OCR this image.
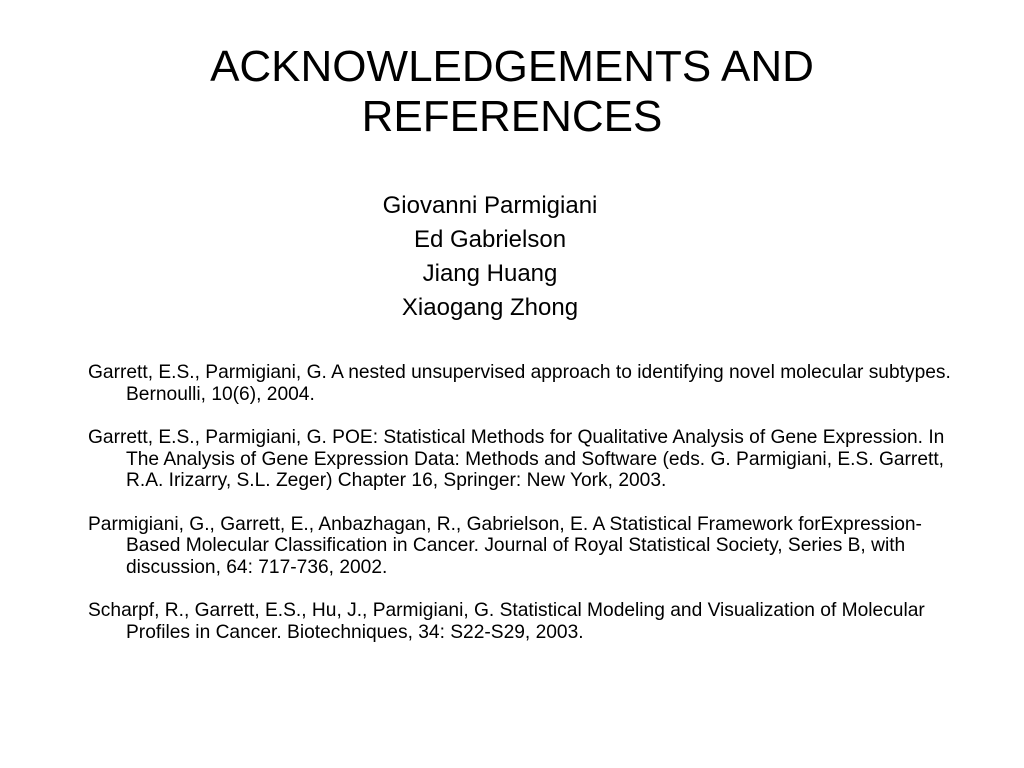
ACKNOWLEDGEMENTS AND REFERENCES
Giovanni Parmigiani
Ed Gabrielson
Jiang Huang
Xiaogang Zhong
Garrett, E.S., Parmigiani, G. A nested unsupervised approach to identifying novel molecular subtypes. Bernoulli, 10(6), 2004.
Garrett, E.S., Parmigiani, G. POE: Statistical Methods for Qualitative Analysis of Gene Expression. In The Analysis of Gene Expression Data: Methods and Software (eds. G. Parmigiani, E.S. Garrett, R.A. Irizarry, S.L. Zeger) Chapter 16, Springer: New York, 2003.
Parmigiani, G., Garrett, E., Anbazhagan, R., Gabrielson, E. A Statistical Framework forExpression-Based Molecular Classification in Cancer. Journal of Royal Statistical Society, Series B, with discussion, 64: 717-736, 2002.
Scharpf, R., Garrett, E.S., Hu, J., Parmigiani, G. Statistical Modeling and Visualization of Molecular Profiles in Cancer. Biotechniques, 34: S22-S29, 2003.
